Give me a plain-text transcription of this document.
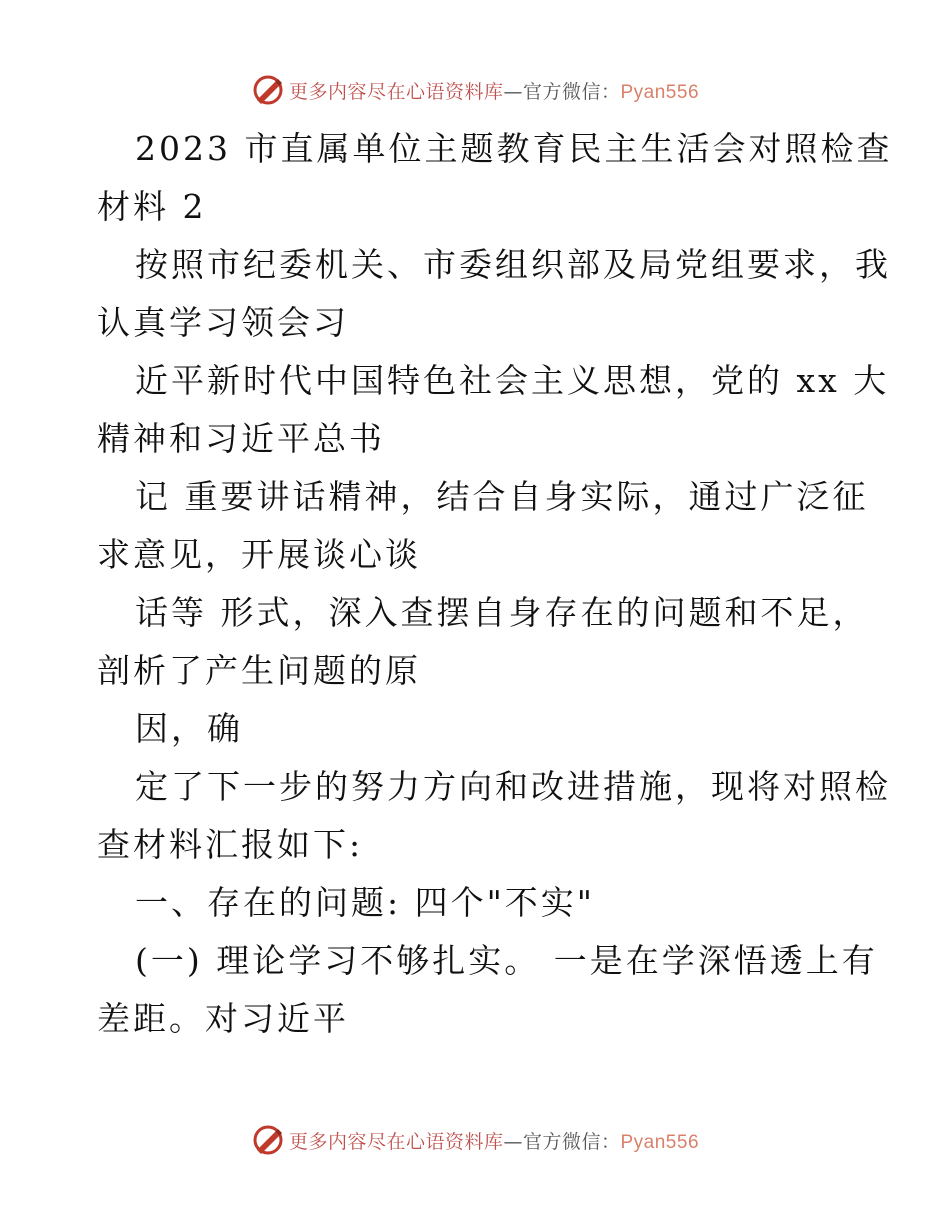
更多内容尽在心语资料库—官方微信：Pyan556
2023 市直属单位主题教育民主生活会对照检查
材料 2
按照市纪委机关、市委组织部及局党组要求，我
认真学习领会习
近平新时代中国特色社会主义思想，党的 xx 大
精神和习近平总书
记 重要讲话精神，结合自身实际，通过广泛征
求意见，开展谈心谈
话等 形式，深入查摆自身存在的问题和不足，
剖析了产生问题的原
因，确
定了下一步的努力方向和改进措施，现将对照检
查材料汇报如下:
一、存在的问题: 四个"不实"
(一) 理论学习不够扎实。 一是在学深悟透上有
差距。对习近平
更多内容尽在心语资料库—官方微信：Pyan556
